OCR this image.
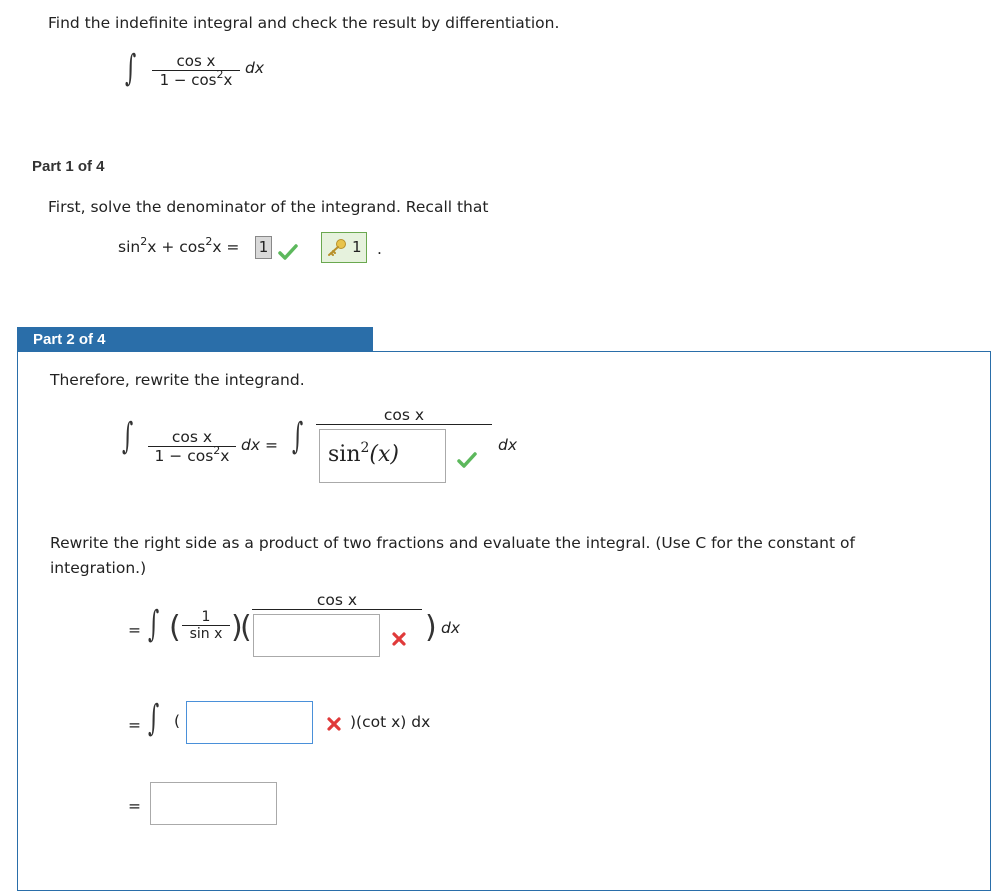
Find the indefinite integral and check the result by differentiation.
∫	cos x
$1 - \cos^2x$
dx
Part 1 of 4
First, solve the denominator of the integrand. Recall that
$\sin^2x + \cos^2x = 1$	1 .
Part 2 of 4
Therefore, rewrite the integrand.
∫	cos x
$1 - \cos^2x$
dx = ∫
cos x
$\sin^2(x)$	dx
Rewrite the right side as a product of two fractions and evaluate the integral. (Use C for the constant of integration.)
= ∫ (	1
sin x )
(
cos x
) dx
= ∫ (	)(cot x) dx
=
